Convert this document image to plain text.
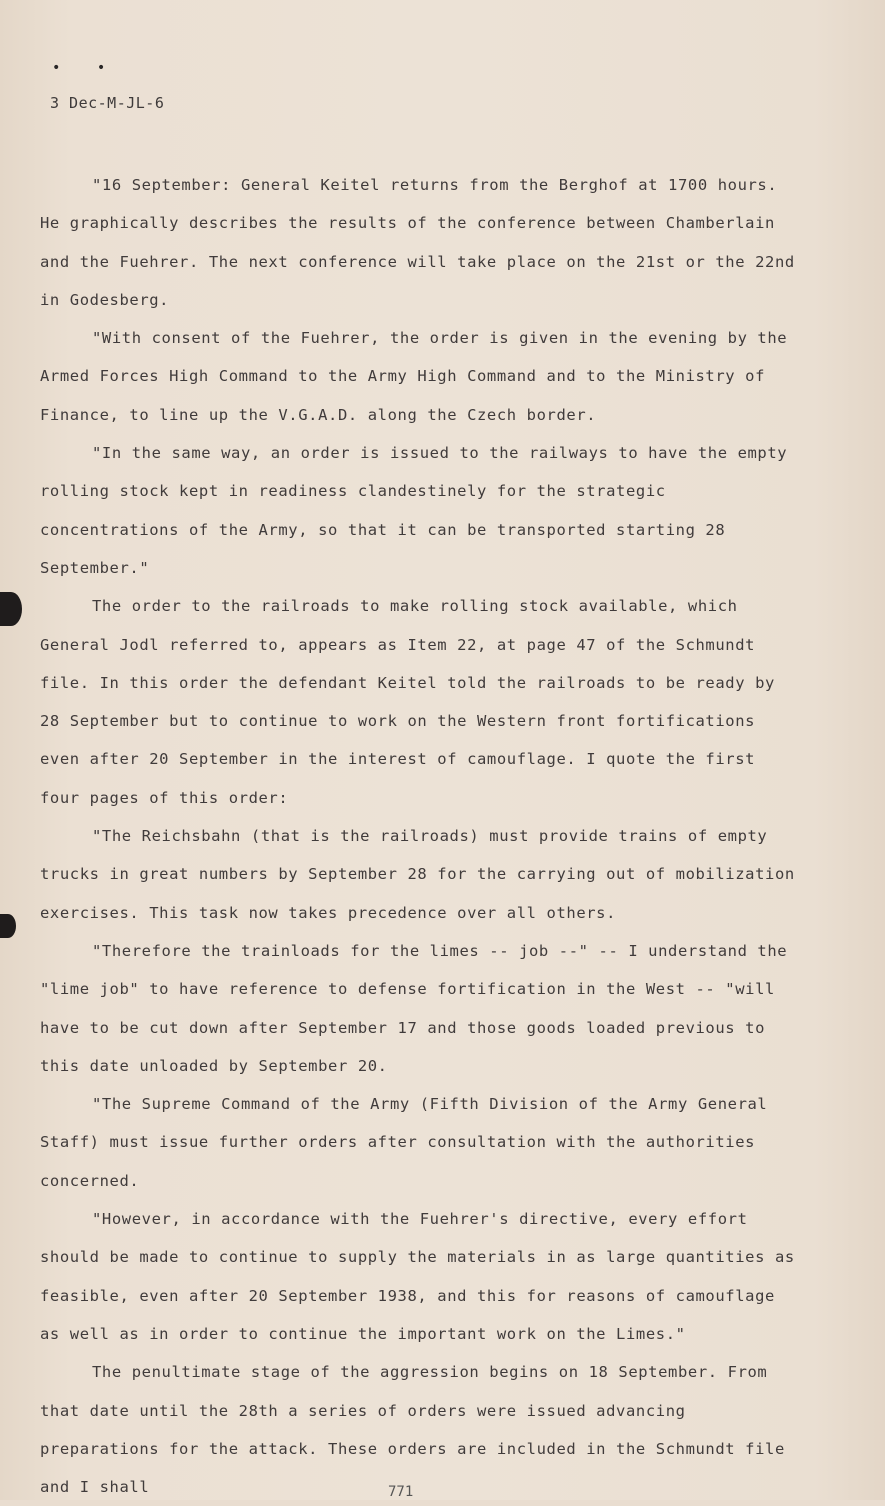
• •
3 Dec-M-JL-6

"16 September: General Keitel returns from the Berghof at 1700 hours. He graphically describes the results of the conference between Chamberlain and the Fuehrer. The next conference will take place on the 21st or the 22nd in Godesberg.

"With consent of the Fuehrer, the order is given in the evening by the Armed Forces High Command to the Army High Command and to the Ministry of Finance, to line up the V.G.A.D. along the Czech border.

"In the same way, an order is issued to the railways to have the empty rolling stock kept in readiness clandestinely for the strategic concentrations of the Army, so that it can be transported starting 28 September."

The order to the railroads to make rolling stock available, which General Jodl referred to, appears as Item 22, at page 47 of the Schmundt file. In this order the defendant Keitel told the railroads to be ready by 28 September but to continue to work on the Western front fortifications even after 20 September in the interest of camouflage. I quote the first four pages of this order:

"The Reichsbahn (that is the railroads) must provide trains of empty trucks in great numbers by September 28 for the carrying out of mobilization exercises. This task now takes precedence over all others.

"Therefore the trainloads for the limes -- job --" -- I understand the "lime job" to have reference to defense fortification in the West -- "will have to be cut down after September 17 and those goods loaded previous to this date unloaded by September 20.

"The Supreme Command of the Army (Fifth Division of the Army General Staff) must issue further orders after consultation with the authorities concerned.

"However, in accordance with the Fuehrer's directive, every effort should be made to continue to supply the materials in as large quantities as feasible, even after 20 September 1938, and this for reasons of camouflage as well as in order to continue the important work on the Limes."

The penultimate stage of the aggression begins on 18 September. From that date until the 28th a series of orders were issued advancing preparations for the attack. These orders are included in the Schmundt file and I shall	771
